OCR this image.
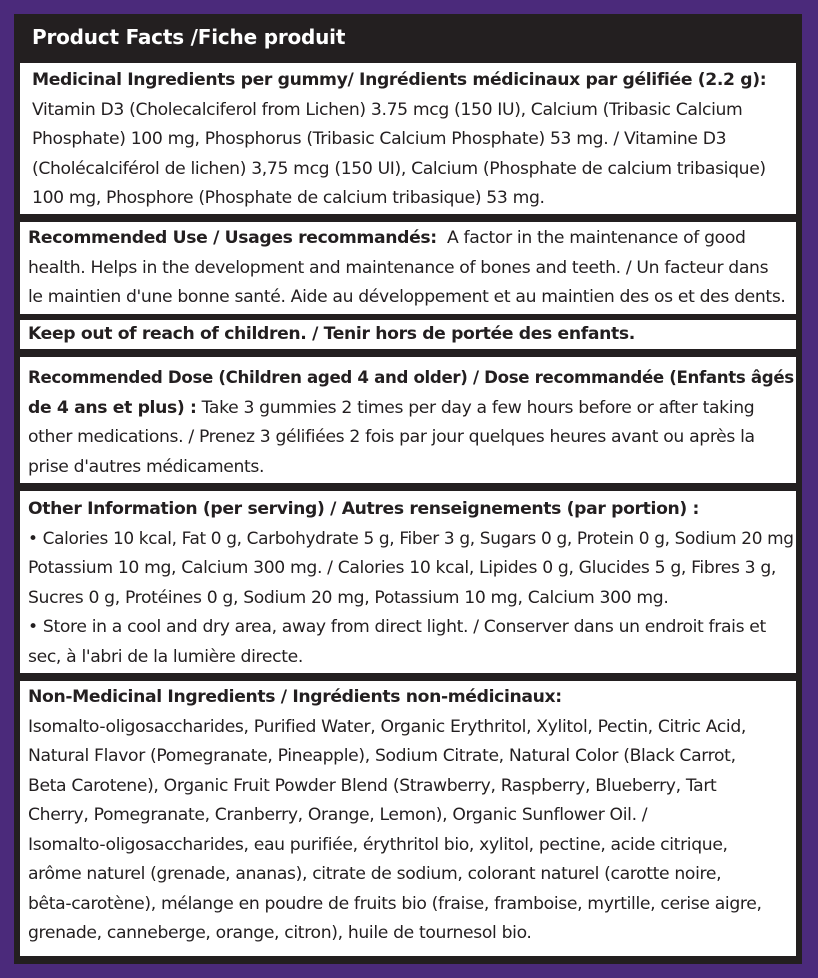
Product Facts /Fiche produit
Medicinal Ingredients per gummy/ Ingrédients médicinaux par gélifiée (2.2 g):
Vitamin D3 (Cholecalciferol from Lichen) 3.75 mcg (150 IU), Calcium (Tribasic Calcium
Phosphate) 100 mg, Phosphorus (Tribasic Calcium Phosphate) 53 mg. / Vitamine D3
(Cholécalciférol de lichen) 3,75 mcg (150 UI), Calcium (Phosphate de calcium tribasique)
100 mg, Phosphore (Phosphate de calcium tribasique) 53 mg.
Recommended Use / Usages recommandés:  A factor in the maintenance of good
health. Helps in the development and maintenance of bones and teeth. / Un facteur dans
le maintien d'une bonne santé. Aide au développement et au maintien des os et des dents.
Keep out of reach of children. / Tenir hors de portée des enfants.
Recommended Dose (Children aged 4 and older) / Dose recommandée (Enfants âgés
de 4 ans et plus) : Take 3 gummies 2 times per day a few hours before or after taking
other medications. / Prenez 3 gélifiées 2 fois par jour quelques heures avant ou après la
prise d'autres médicaments.
Other Information (per serving) / Autres renseignements (par portion) :
• Calories 10 kcal, Fat 0 g, Carbohydrate 5 g, Fiber 3 g, Sugars 0 g, Protein 0 g, Sodium 20 mg
Potassium 10 mg, Calcium 300 mg. / Calories 10 kcal, Lipides 0 g, Glucides 5 g, Fibres 3 g,
Sucres 0 g, Protéines 0 g, Sodium 20 mg, Potassium 10 mg, Calcium 300 mg.
• Store in a cool and dry area, away from direct light. / Conserver dans un endroit frais et
sec, à l'abri de la lumière directe.
Non-Medicinal Ingredients / Ingrédients non-médicinaux:
Isomalto-oligosaccharides, Purified Water, Organic Erythritol, Xylitol, Pectin, Citric Acid,
Natural Flavor (Pomegranate, Pineapple), Sodium Citrate, Natural Color (Black Carrot,
Beta Carotene), Organic Fruit Powder Blend (Strawberry, Raspberry, Blueberry, Tart
Cherry, Pomegranate, Cranberry, Orange, Lemon), Organic Sunflower Oil. /
Isomalto-oligosaccharides, eau purifiée, érythritol bio, xylitol, pectine, acide citrique,
arôme naturel (grenade, ananas), citrate de sodium, colorant naturel (carotte noire,
bêta-carotène), mélange en poudre de fruits bio (fraise, framboise, myrtille, cerise aigre,
grenade, canneberge, orange, citron), huile de tournesol bio.
